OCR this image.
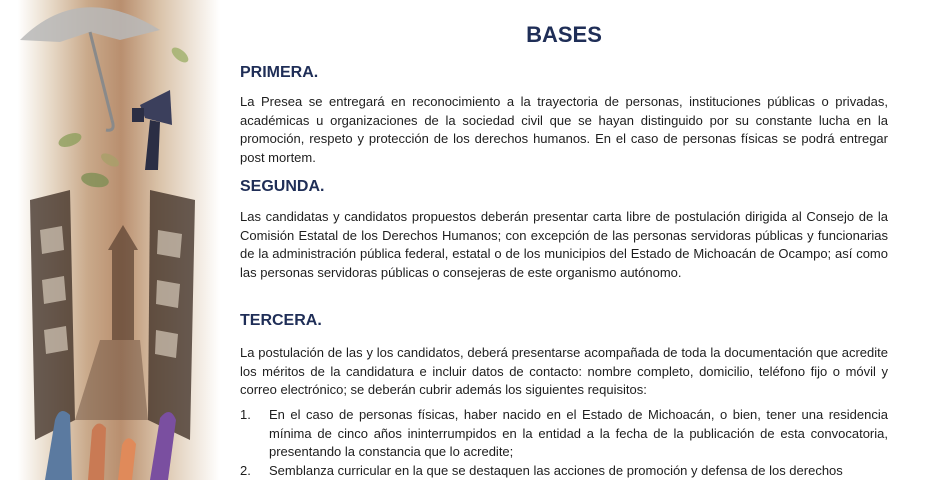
BASES
PRIMERA.

La Presea se entregará en reconocimiento a la trayectoria de personas, instituciones públicas o privadas, académicas u organizaciones de la sociedad civil que se hayan distinguido por su constante lucha en la promoción, respeto y protección de los derechos humanos. En el caso de personas físicas se podrá entregar post mortem.

SEGUNDA.

Las candidatas y candidatos propuestos deberán presentar carta libre de postulación dirigida al Consejo de la Comisión Estatal de los Derechos Humanos; con excepción de las personas servidoras públicas y funcionarias de la administración pública federal, estatal o de los municipios del Estado de Michoacán de Ocampo; así como las personas servidoras públicas o consejeras de este organismo autónomo.

TERCERA.

La postulación de las y los candidatos, deberá presentarse acompañada de toda la documentación que acredite los méritos de la candidatura e incluir datos de contacto: nombre completo, domicilio, teléfono fijo o móvil y correo electrónico; se deberán cubrir además los siguientes requisitos:

1. En el caso de personas físicas, haber nacido en el Estado de Michoacán, o bien, tener una residencia mínima de cinco años ininterrumpidos en la entidad a la fecha de la publicación de esta convocatoria, presentando la constancia que lo acredite;
2. Semblanza curricular en la que se destaquen las acciones de promoción y defensa de los derechos
